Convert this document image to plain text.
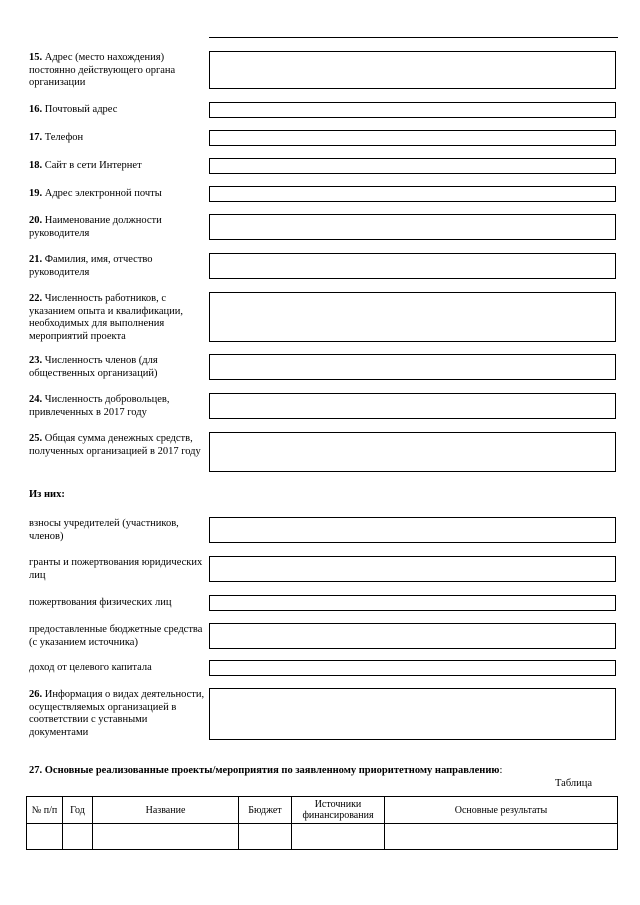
15. Адрес (место нахождения) постоянно действующего органа организации
16. Почтовый адрес
17. Телефон
18. Сайт в сети Интернет
19. Адрес электронной почты
20. Наименование должности руководителя
21. Фамилия, имя, отчество руководителя
22. Численность работников, с указанием опыта и квалификации, необходимых для выполнения мероприятий проекта
23. Численность членов (для общественных организаций)
24. Численность добровольцев, привлеченных в 2017 году
25. Общая сумма денежных средств, полученных организацией в 2017 году
Из них:
взносы учредителей (участников, членов)
гранты и пожертвования юридических лиц
пожертвования физических лиц
предоставленные бюджетные средства (с указанием источника)
доход от целевого капитала
26. Информация о видах деятельности, осуществляемых организацией в соответствии с уставными документами
27. Основные реализованные проекты/мероприятия по заявленному приоритетному направлению:
Таблица
№ п/п	Год	Название	Бюджет	Источники финансирования	Основные результаты
